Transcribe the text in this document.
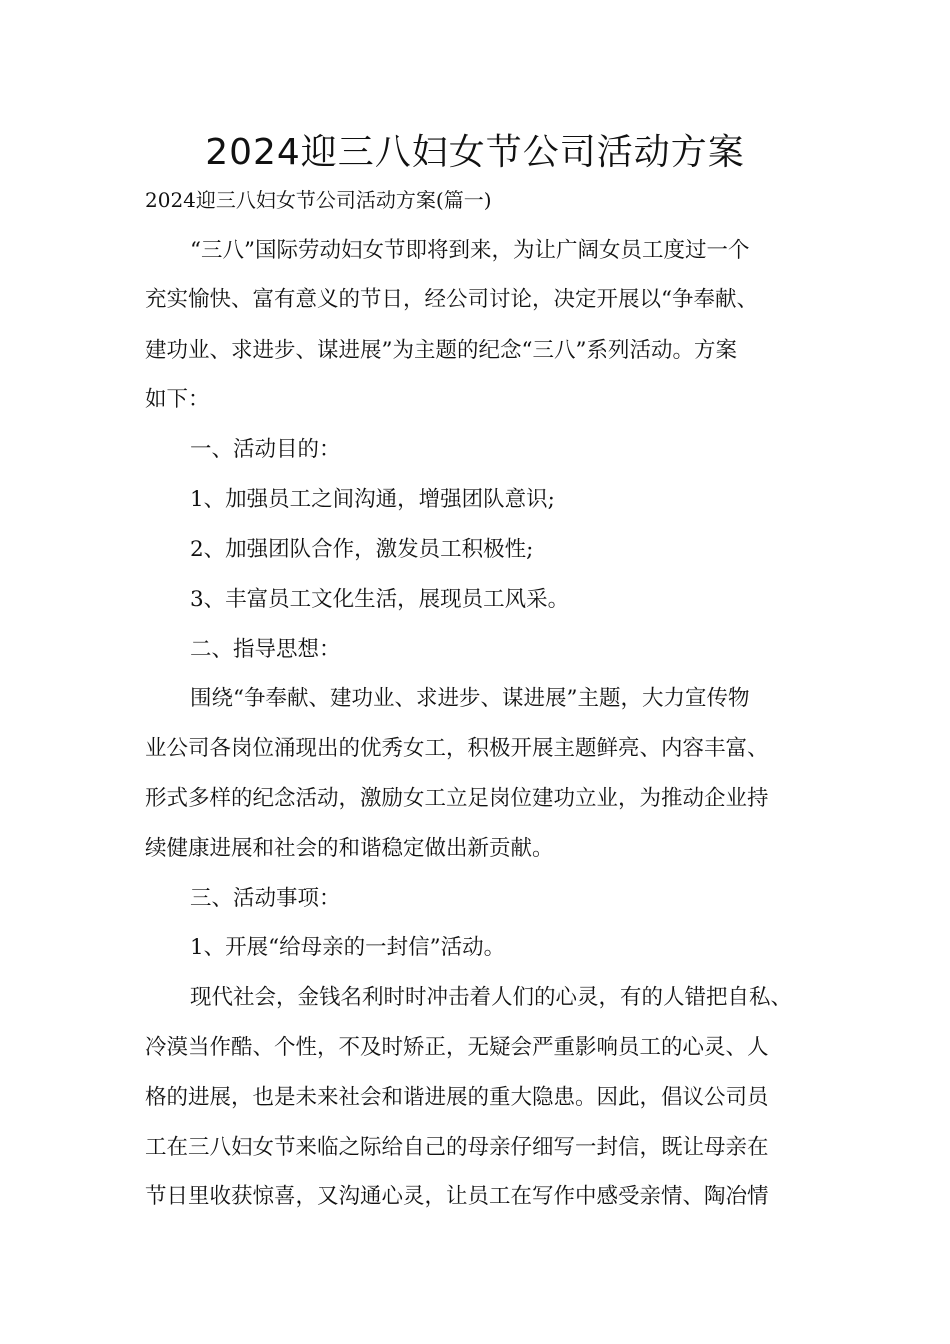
2024迎三八妇女节公司活动方案
2024迎三八妇女节公司活动方案(篇一)
“三八”国际劳动妇女节即将到来，为让广阔女员工度过一个
充实愉快、富有意义的节日，经公司讨论，决定开展以“争奉献、
建功业、求进步、谋进展”为主题的纪念“三八”系列活动。方案
如下：
一、活动目的：
1、加强员工之间沟通，增强团队意识;
2、加强团队合作，激发员工积极性;
3、丰富员工文化生活，展现员工风采。
二、指导思想：
围绕“争奉献、建功业、求进步、谋进展”主题，大力宣传物
业公司各岗位涌现出的优秀女工，积极开展主题鲜亮、内容丰富、
形式多样的纪念活动，激励女工立足岗位建功立业，为推动企业持
续健康进展和社会的和谐稳定做出新贡献。
三、活动事项：
1、开展“给母亲的一封信”活动。
现代社会，金钱名利时时冲击着人们的心灵，有的人错把自私、
冷漠当作酷、个性，不及时矫正，无疑会严重影响员工的心灵、人
格的进展，也是未来社会和谐进展的重大隐患。因此，倡议公司员
工在三八妇女节来临之际给自己的母亲仔细写一封信，既让母亲在
节日里收获惊喜，又沟通心灵，让员工在写作中感受亲情、陶冶情
